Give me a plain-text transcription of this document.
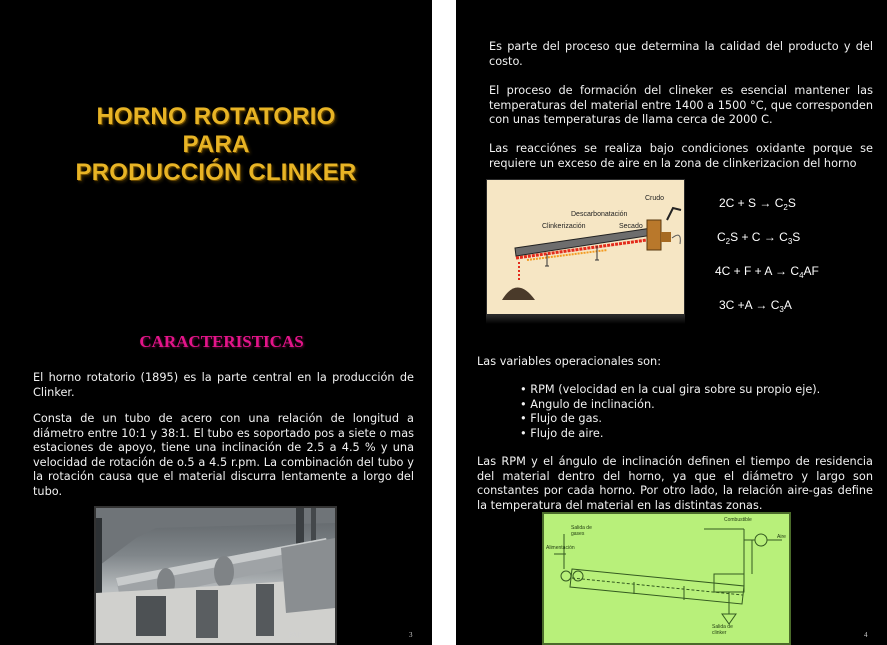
HORNO ROTATORIO
PARA
PRODUCCIÓN CLINKER
CARACTERISTICAS

El horno rotatorio (1895) es la parte central en la producción de Clinker.

Consta de un tubo de acero con una relación de longitud a diámetro entre 10:1 y 38:1. El tubo es soportado pos a siete o mas estaciones de apoyo, tiene una inclinación de 2.5 a 4.5 % y una velocidad de rotación de o.5 a 4.5 r.pm. La combinación del tubo y la rotación causa que el material discurra lentamente a lorgo del tubo.

PAP	3

Es parte del proceso que determina la calidad del producto y del costo.

El proceso de formación del clineker es esencial mantener las temperaturas del material entre 1400 a 1500 °C, que corresponden con unas temperaturas de llama cerca de 2000 C.

Las reacciónes se realiza bajo condiciones oxidante porque se requiere un exceso de aire en la zona de clinkerizacion del horno

Crudo
Descarbonatación
Clinkerización	Secado
$2C + S \to C_2S$
$C_2S + C \to C_3S$
$4C + F + A \to C_4AF$
$3C +A \to C_3A$

Las variables operacionales son:

• RPM (velocidad en la cual gira sobre su propio eje).
• Angulo de inclinación.
• Flujo de gas.
• Flujo de aire.

Las RPM y el ángulo de inclinación definen el tiempo de residencia del material dentro del horno, ya que el diámetro y largo son constantes por cada horno. Por otro lado, la relación aire-gas define la temperatura del material en las distintas zonas.

Salida de gases
Alimentación
Combustible
Aire
Salida de clinker	4
